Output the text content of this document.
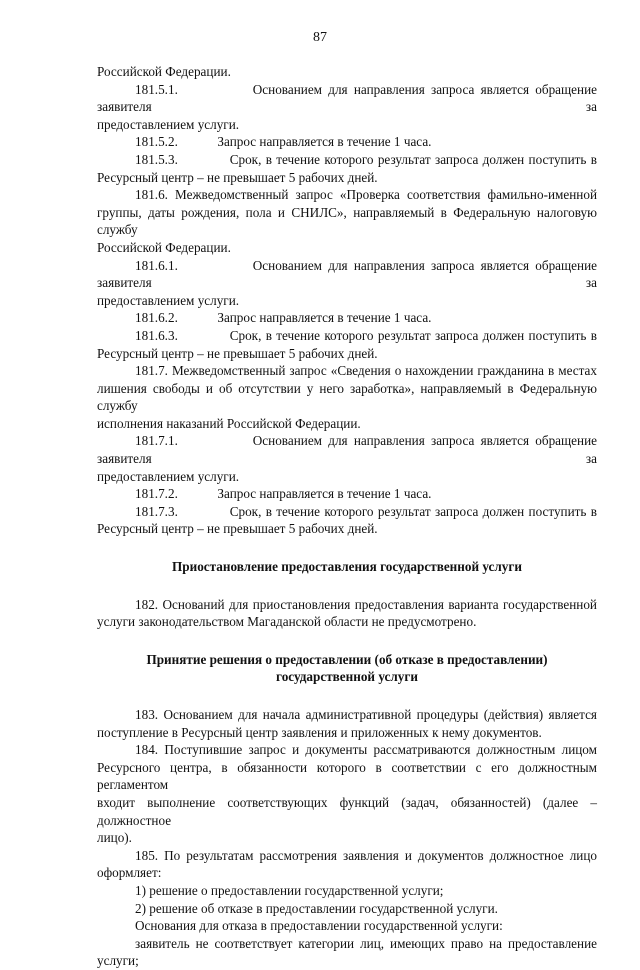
87

Российской Федерации.

181.5.1.	Основанием для направления запроса является обращение заявителя за

предоставлением услуги.

181.5.2.	Запрос направляется в течение 1 часа.

181.5.3.	Срок, в течение которого результат запроса должен поступить в

Ресурсный центр – не превышает 5 рабочих дней.

181.6. Межведомственный запрос «Проверка соответствия фамильно-именной

группы, даты рождения, пола и СНИЛС», направляемый в Федеральную налоговую службу

Российской Федерации.

181.6.1.	Основанием для направления запроса является обращение заявителя за

предоставлением услуги.

181.6.2.	Запрос направляется в течение 1 часа.

181.6.3.	Срок, в течение которого результат запроса должен поступить в

Ресурсный центр – не превышает 5 рабочих дней.

181.7. Межведомственный запрос «Сведения о нахождении гражданина в местах

лишения свободы и об отсутствии у него заработка», направляемый в Федеральную службу

исполнения наказаний Российской Федерации.

181.7.1.	Основанием для направления запроса является обращение заявителя за

предоставлением услуги.

181.7.2.	Запрос направляется в течение 1 часа.

181.7.3.	Срок, в течение которого результат запроса должен поступить в

Ресурсный центр – не превышает 5 рабочих дней.

Приостановление предоставления государственной услуги

182. Оснований для приостановления предоставления варианта государственной

услуги законодательством Магаданской области не предусмотрено.

Принятие решения о предоставлении (об отказе в предоставлении)

государственной услуги

183. Основанием для начала административной процедуры (действия) является

поступление в Ресурсный центр заявления и приложенных к нему документов.

184. Поступившие запрос и документы рассматриваются должностным лицом

Ресурсного центра, в обязанности которого в соответствии с его должностным регламентом

входит выполнение соответствующих функций (задач, обязанностей) (далее – должностное

лицо).

185. По результатам рассмотрения заявления и документов должностное лицо

оформляет:

1) решение о предоставлении государственной услуги;

2) решение об отказе в предоставлении государственной услуги.

Основания для отказа в предоставлении государственной услуги:

заявитель не соответствует категории лиц, имеющих право на предоставление

услуги;
